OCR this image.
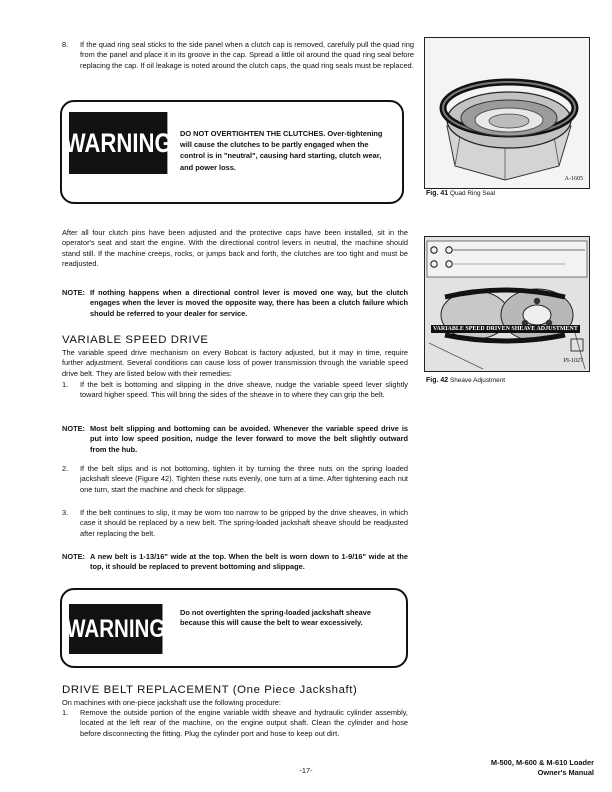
8. If the quad ring seal sticks to the side panel when a clutch cap is removed, carefully pull the quad ring from the panel and place it in its groove in the cap. Spread a little oil around the quad ring seal before replacing the cap. If oil leakage is noted around the clutch caps, the quad ring seals must be replaced.
WARNING DO NOT OVERTIGHTEN THE CLUTCHES. Over-tightening will cause the clutches to be partly engaged when the control is in "neutral", causing hard starting, clutch wear, and power loss.
A-1605
Fig. 41 Quad Ring Seal
VARIABLE SPEED DRIVEN SHEAVE ADJUSTMENT
PI-1027
Fig. 42 Sheave Adjustment
After all four clutch pins have been adjusted and the protective caps have been installed, sit in the operator's seat and start the engine. With the directional control levers in neutral, the machine should stand still. If the machine creeps, rocks, or jumps back and forth, the clutches are too tight and must be readjusted.
NOTE: If nothing happens when a directional control lever is moved one way, but the clutch engages when the lever is moved the opposite way, there has been a clutch failure which should be referred to your dealer for service.
VARIABLE SPEED DRIVE
The variable speed drive mechanism on every Bobcat is factory adjusted, but it may in time, require further adjustment. Several conditions can cause loss of power transmission through the variable speed drive belt. They are listed below with their remedies:
1. If the belt is bottoming and slipping in the drive sheave, nudge the variable speed lever slightly toward higher speed. This will bring the sides of the sheave in to where they can grip the belt.
NOTE: Most belt slipping and bottoming can be avoided. Whenever the variable speed drive is put into low speed position, nudge the lever forward to move the belt slightly outward from the hub.
2. If the belt slips and is not bottoming, tighten it by turning the three nuts on the spring loaded jackshaft sleeve (Figure 42). Tighten these nuts evenly, one turn at a time. After tightening each nut one turn, start the machine and check for slippage.
3. If the belt continues to slip, it may be worn too narrow to be gripped by the drive sheaves, in which case it should be replaced by a new belt. The spring-loaded jackshaft sheave should be readjusted after replacing the belt.
NOTE: A new belt is 1-13/16" wide at the top. When the belt is worn down to 1-9/16" wide at the top, it should be replaced to prevent bottoming and slippage.
WARNING
Do not overtighten the spring-loaded jackshaft sheave because this will cause the belt to wear excessively.
DRIVE BELT REPLACEMENT (One Piece Jackshaft)
On machines with one-piece jackshaft use the following procedure:
1. Remove the outside portion of the engine variable width sheave and hydraulic cylinder assembly, located at the left rear of the machine, on the engine output shaft. Clean the cylinder and hose before disconnecting the fitting. Plug the cylinder port and hose to keep out dirt.
-17-
M-500, M-600 & M-610 Loader
Owner's Manual
